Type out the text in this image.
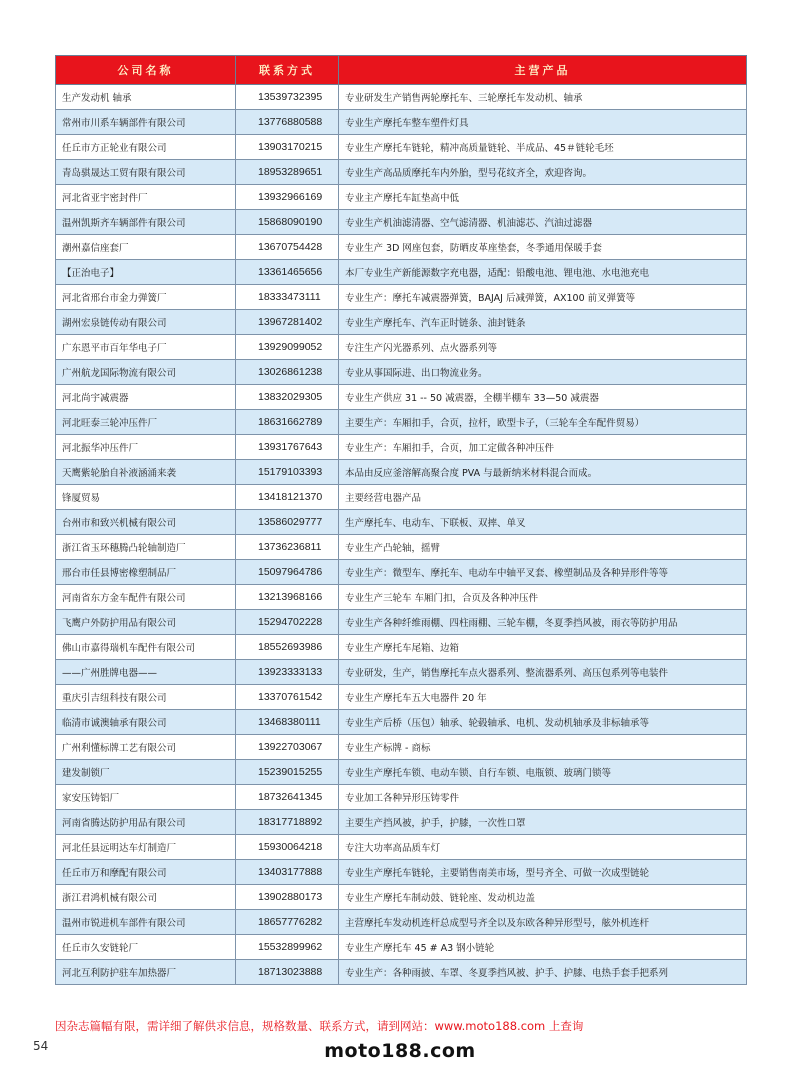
公司名称	联系方式	主营产品
生产发动机 轴承	13539732395	专业研发生产销售两轮摩托车、三轮摩托车发动机、轴承
常州市川系车辆部件有限公司	13776880588	专业生产摩托车整车塑件灯具
任丘市方正轮业有限公司	13903170215	专业生产摩托车链轮，精冲高质量链轮、半成品、45＃链轮毛坯
青岛骐晟达工贸有限有限公司	18953289651	专业生产高品质摩托车内外胎，型号花纹齐全，欢迎咨询。
河北省亚宇密封件厂	13932966169	专业主产摩托车缸垫高中低
温州凯斯齐车辆部件有限公司	15868090190	专业生产机油滤清器、空气滤清器、机油滤芯、汽油过滤器
潮州嘉信座套厂	13670754428	专业生产 3D 网座包套，防晒皮革座垫套，冬季通用保暖手套
【正治电子】	13361465656	本厂专业生产新能源数字充电器，适配：铅酸电池、锂电池、水电池充电
河北省邢台市金力弹簧厂	18333473111	专业生产：摩托车减震器弹簧，BAJAJ 后减弹簧，AX100 前叉弹簧等
湖州宏泉链传动有限公司	13967281402	专业生产摩托车、汽车正时链条、油封链条
广东恩平市百年华电子厂	13929099052	专注生产闪光器系列、点火器系列等
广州航龙国际物流有限公司	13026861238	专业从事国际进、出口物流业务。
河北尚宇减震器	13832029305	专业生产供应 31 -- 50 减震器，全棚半棚车 33—50 减震器
河北旺泰三轮冲压件厂	18631662789	主要生产：车厢扣手，合页，拉杆，欧型卡子，（三轮车全车配件贸易）
河北振华冲压件厂	13931767643	专业生产：车厢扣手，合页，加工定做各种冲压件
天鹰紫轮胎自补液涵涌来袭	15179103393	本品由反应釜溶解高聚合度 PVA 与最新纳米材料混合而成。
锋厦贸易	13418121370	主要经营电器产品
台州市和致兴机械有限公司	13586029777	生产摩托车、电动车、下联板、双摔、单叉
浙江省玉环穗腾凸轮轴制造厂	13736236811	专业生产凸轮轴，摇臂
邢台市任县博密橡塑制品厂	15097964786	专业生产：微型车、摩托车、电动车中轴平叉套、橡塑制品及各种异形件等等
河南省东方金车配件有限公司	13213968166	专业生产三轮车 车厢门扣，合页及各种冲压件
飞鹰户外防护用品有限公司	15294702228	专业生产各种纤维雨棚、四柱雨棚、三轮车棚，冬夏季挡风被，雨衣等防护用品
佛山市嘉得瑞机车配件有限公司	18552693986	专业生产摩托车尾箱、边箱
——广州胜牌电器——	13923333133	专业研发，生产，销售摩托车点火器系列、整流器系列、高压包系列等电装件
重庆引吉纽科技有限公司	13370761542	专业生产摩托车五大电器件 20 年
临清市诚澳轴承有限公司	13468380111	专业生产后桥（压包）轴承、轮毂轴承、电机、发动机轴承及非标轴承等
广州利懂标牌工艺有限公司	13922703067	专业生产标牌 - 商标
建发制锁厂	15239015255	专业生产摩托车锁、电动车锁、自行车锁、电瓶锁、玻璃门锁等
家安压铸铝厂	18732641345	专业加工各种异形压铸零件
河南省腾达防护用品有限公司	18317718892	主要生产挡风被，护手，护膝，一次性口罩
河北任县远明达车灯制造厂	15930064218	专注大功率高品质车灯
任丘市万和摩配有限公司	13403177888	专业生产摩托车链轮，主要销售南美市场，型号齐全、可做一次成型链轮
浙江君鸿机械有限公司	13902880173	专业生产摩托车制动鼓、链轮座、发动机边盖
温州市锐进机车部件有限公司	18657776282	主营摩托车发动机连杆总成型号齐全以及东欧各种异形型号，舷外机连杆
任丘市久安链轮厂	15532899962	专业生产摩托车 45 # A3 钢小链轮
河北互利防护驻车加热器厂	18713023888	专业生产：各种雨披、车罩、冬夏季挡风被、护手、护膝、电热手套手把系列
因杂志篇幅有限，需详细了解供求信息，规格数量、联系方式，请到网站：www.moto188.com 上查询
54	moto188.com
